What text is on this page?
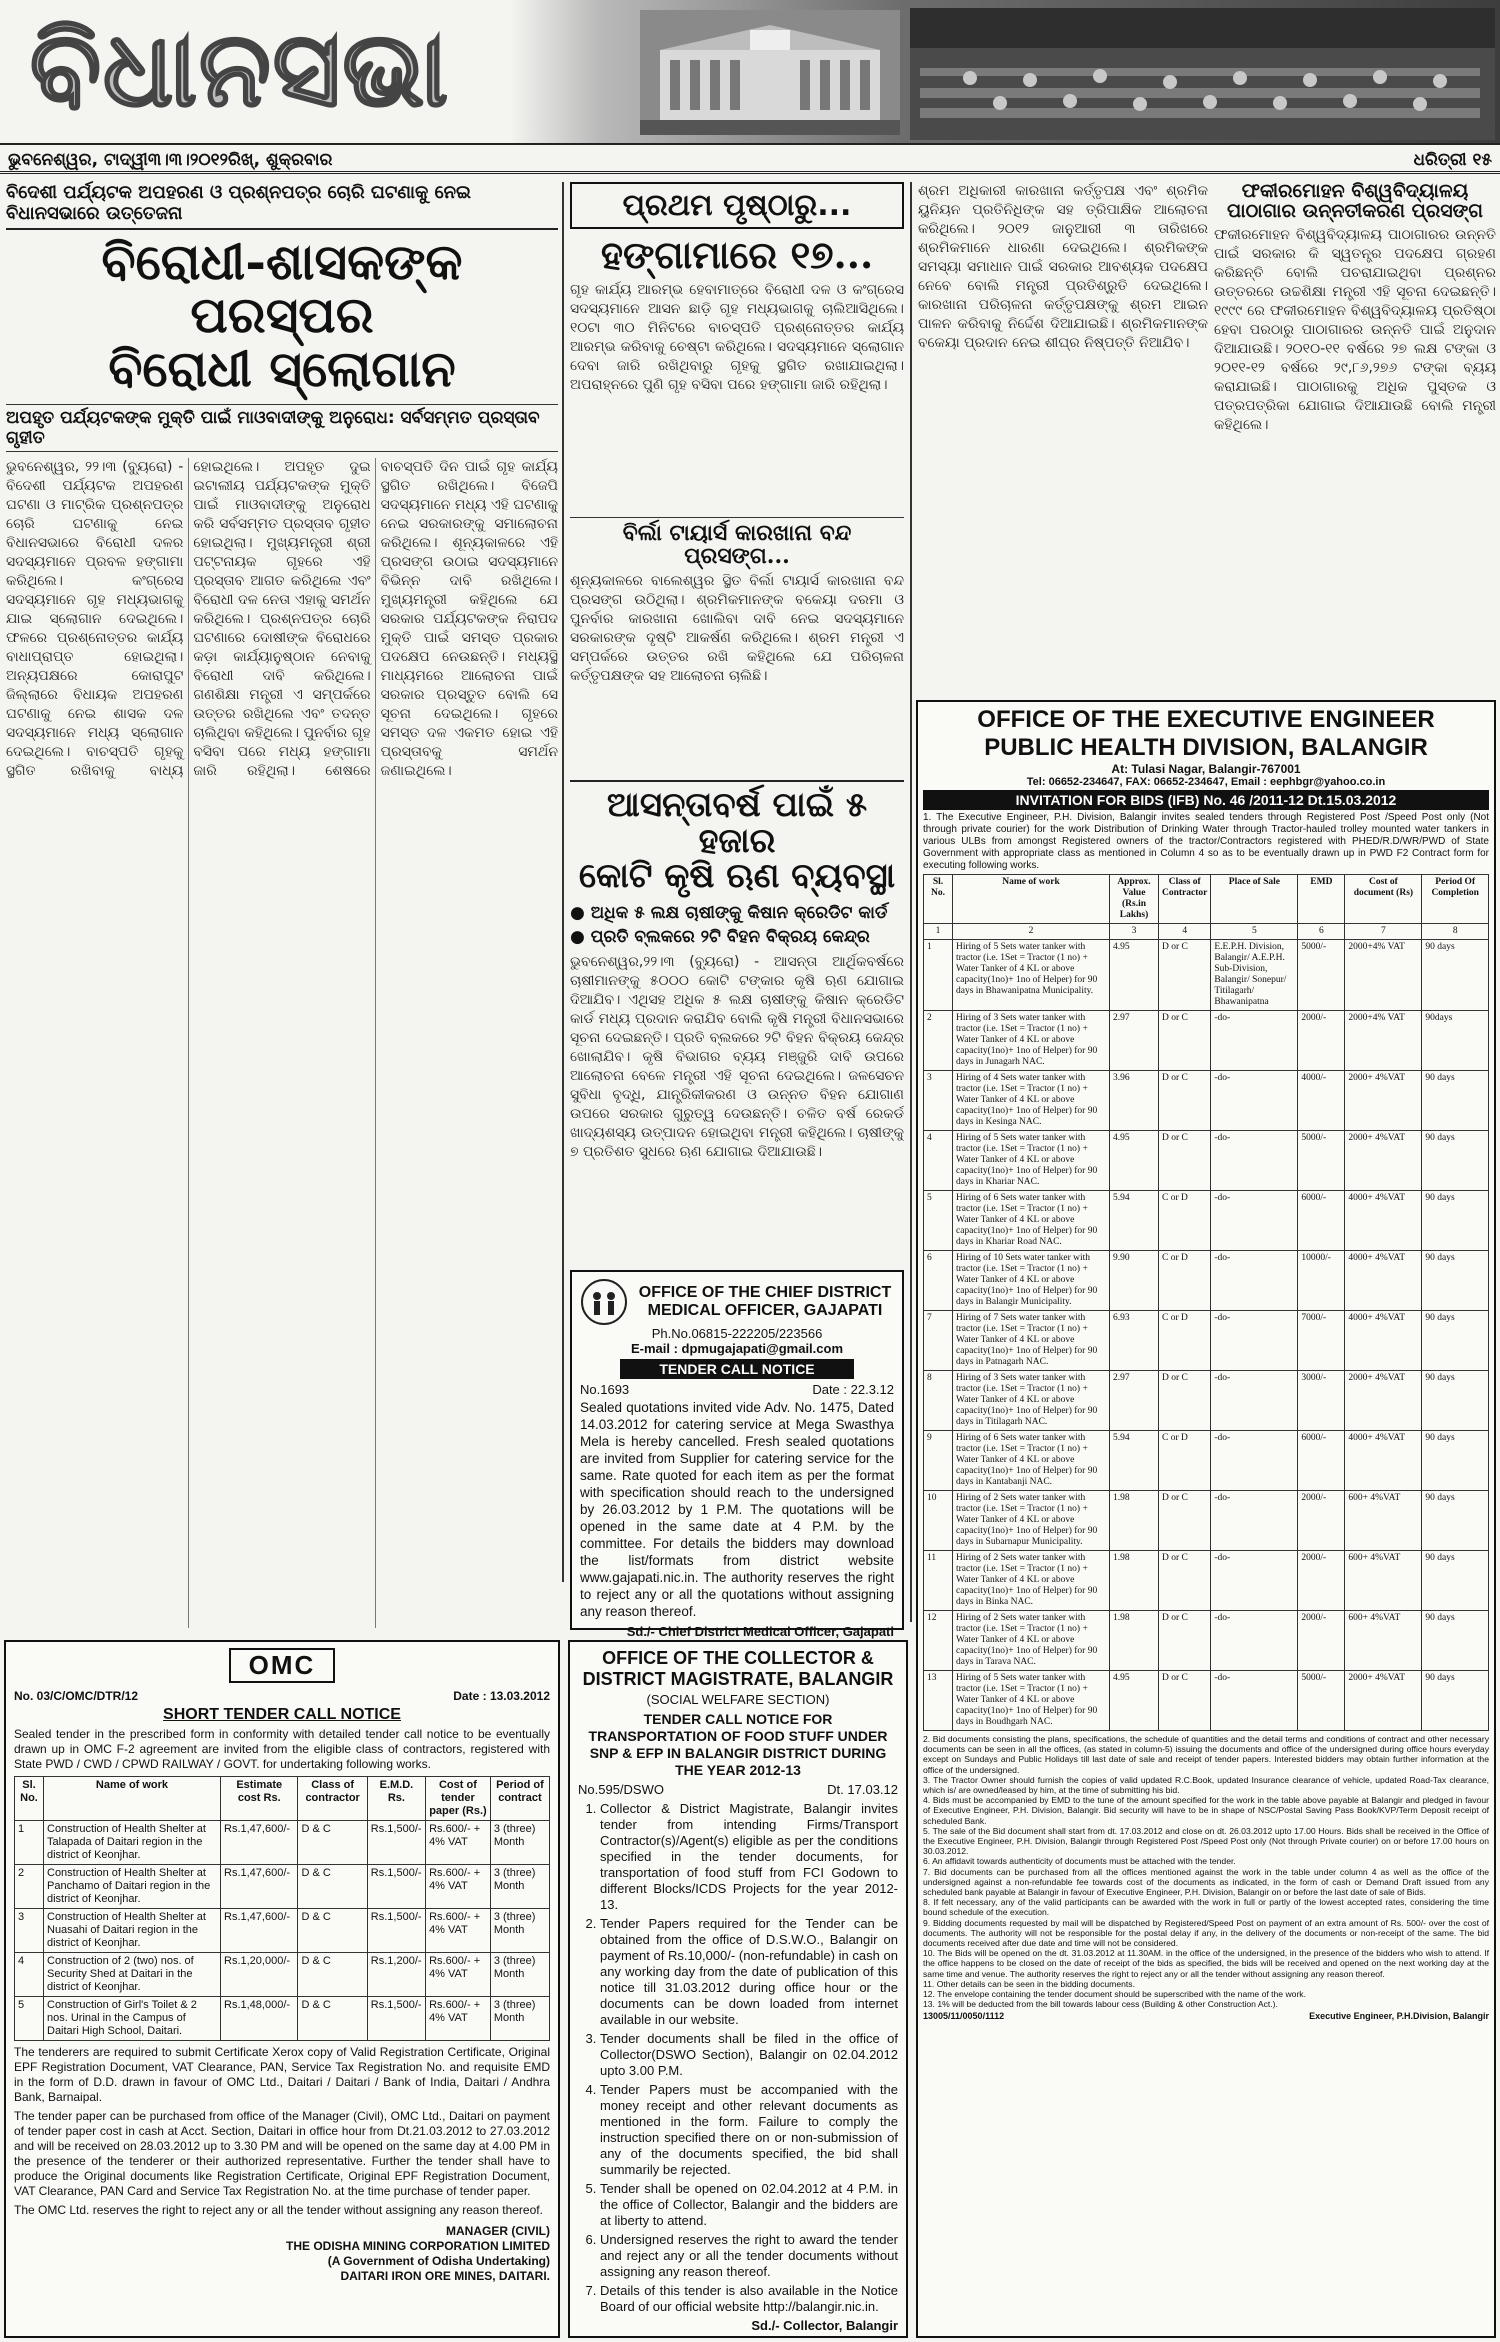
ବିଧାନସଭା
ଭୁବନେଶ୍ୱର, ଟାଦ୍ୱୀ୩।୩।୨୦୧୨ରିଖ୍, ଶୁକ୍ରବାର	ଧରିତ୍ରୀ ୧୫
ବିଦେଶୀ ପର୍ଯ୍ୟଟକ ଅପହରଣ ଓ ପ୍ରଶ୍ନପତ୍ର ଚୋରି ଘଟଣାକୁ ନେଇ ବିଧାନସଭାରେ ଉତ୍ତେଜନା
ବିରୋଧୀ-ଶାସକଙ୍କ ପରସ୍ପର
ବିରୋଧୀ ସ୍ଲୋଗାନ
ଅପହୃତ ପର୍ଯ୍ୟଟକଙ୍କ ମୁକ୍ତି ପାଇଁ ମାଓବାଦୀଙ୍କୁ ଅନୁରୋଧ: ସର୍ବସମ୍ମତ ପ୍ରସ୍ତାବ ଗୃହୀତ
ଭୁବନେଶ୍ୱର, ୨୨।୩ (ବ୍ୟୁରୋ) - ବିଦେଶୀ ପର୍ଯ୍ୟଟକ ଅପହରଣ ଘଟଣା ଓ ମାଟ୍ରିକ ପ୍ରଶ୍ନପତ୍ର ଚୋରି ଘଟଣାକୁ ନେଇ ବିଧାନସଭାରେ ବିରୋଧୀ ଦଳର ସଦସ୍ୟମାନେ ପ୍ରବଳ ହଙ୍ଗାମା କରିଥିଲେ। କଂଗ୍ରେସ ସଦସ୍ୟମାନେ ଗୃହ ମଧ୍ୟଭାଗକୁ ଯାଇ ସ୍ଲୋଗାନ ଦେଇଥିଲେ। ଫଳରେ ପ୍ରଶ୍ନୋତ୍ତର କାର୍ଯ୍ୟ ବାଧାପ୍ରାପ୍ତ ହୋଇଥିଲା। ଅନ୍ୟପକ୍ଷରେ କୋରାପୁଟ ଜିଲ୍ଲାରେ ବିଧାୟକ ଅପହରଣ ଘଟଣାକୁ ନେଇ ଶାସକ ଦଳ ସଦସ୍ୟମାନେ ମଧ୍ୟ ସ୍ଲୋଗାନ ଦେଇଥିଲେ। ବାଚସ୍ପତି ଗୃହକୁ ସ୍ଥଗିତ ରଖିବାକୁ ବାଧ୍ୟ ହୋଇଥିଲେ। ଅପହୃତ ଦୁଇ ଇଟାଲୀୟ ପର୍ଯ୍ୟଟକଙ୍କ ମୁକ୍ତି ପାଇଁ ମାଓବାଦୀଙ୍କୁ ଅନୁରୋଧ କରି ସର୍ବସମ୍ମତ ପ୍ରସ୍ତାବ ଗୃହୀତ ହୋଇଥିଲା। ମୁଖ୍ୟମନ୍ତ୍ରୀ ଶ୍ରୀ ପଟ୍ଟନାୟକ ଗୃହରେ ଏହି ପ୍ରସ୍ତାବ ଆଗତ କରିଥିଲେ ଏବଂ ବିରୋଧୀ ଦଳ ନେତା ଏହାକୁ ସମର୍ଥନ କରିଥିଲେ। ପ୍ରଶ୍ନପତ୍ର ଚୋରି ଘଟଣାରେ ଦୋଷୀଙ୍କ ବିରୋଧରେ କଡ଼ା କାର୍ଯ୍ୟାନୁଷ୍ଠାନ ନେବାକୁ ବିରୋଧୀ ଦାବି କରିଥିଲେ। ଗଣଶିକ୍ଷା ମନ୍ତ୍ରୀ ଏ ସମ୍ପର୍କରେ ଉତ୍ତର ରଖିଥିଲେ ଏବଂ ତଦନ୍ତ ଚାଲିଥିବା କହିଥିଲେ। ପୁନର୍ବାର ଗୃହ ବସିବା ପରେ ମଧ୍ୟ ହଙ୍ଗାମା ଜାରି ରହିଥିଲା। ଶେଷରେ ବାଚସ୍ପତି ଦିନ ପାଇଁ ଗୃହ କାର୍ଯ୍ୟ ସ୍ଥଗିତ ରଖିଥିଲେ। ବିଜେପି ସଦସ୍ୟମାନେ ମଧ୍ୟ ଏହି ଘଟଣାକୁ ନେଇ ସରକାରଙ୍କୁ ସମାଲୋଚନା କରିଥିଲେ। ଶୂନ୍ୟକାଳରେ ଏହି ପ୍ରସଙ୍ଗ ଉଠାଇ ସଦସ୍ୟମାନେ ବିଭିନ୍ନ ଦାବି ରଖିଥିଲେ। ମୁଖ୍ୟମନ୍ତ୍ରୀ କହିଥିଲେ ଯେ ସରକାର ପର୍ଯ୍ୟଟକଙ୍କ ନିରାପଦ ମୁକ୍ତି ପାଇଁ ସମସ୍ତ ପ୍ରକାର ପଦକ୍ଷେପ ନେଉଛନ୍ତି। ମଧ୍ୟସ୍ଥି ମାଧ୍ୟମରେ ଆଲୋଚନା ପାଇଁ ସରକାର ପ୍ରସ୍ତୁତ ବୋଲି ସେ ସୂଚନା ଦେଇଥିଲେ। ଗୃହରେ ସମସ୍ତ ଦଳ ଏକମତ ହୋଇ ଏହି ପ୍ରସ୍ତାବକୁ ସମର୍ଥନ ଜଣାଇଥିଲେ।
ପ୍ରଥମ ପୃଷ୍ଠାରୁ...
ହଙ୍ଗାମାରେ ୧୭...
ଗୃହ କାର୍ଯ୍ୟ ଆରମ୍ଭ ହେବାମାତ୍ରେ ବିରୋଧୀ ଦଳ ଓ କଂଗ୍ରେସ ସଦସ୍ୟମାନେ ଆସନ ଛାଡ଼ି ଗୃହ ମଧ୍ୟଭାଗକୁ ଚାଲିଆସିଥିଲେ। ୧୦ଟା ୩୦ ମିନିଟରେ ବାଚସ୍ପତି ପ୍ରଶ୍ନୋତ୍ତର କାର୍ଯ୍ୟ ଆରମ୍ଭ କରିବାକୁ ଚେଷ୍ଟା କରିଥିଲେ। ସଦସ୍ୟମାନେ ସ୍ଲୋଗାନ ଦେବା ଜାରି ରଖିଥିବାରୁ ଗୃହକୁ ସ୍ଥଗିତ ରଖାଯାଇଥିଲା। ଅପରାହ୍ନରେ ପୁଣି ଗୃହ ବସିବା ପରେ ହଙ୍ଗାମା ଜାରି ରହିଥିଲା।
ବିର୍ଲା ଟାୟାର୍ସ କାରଖାନା ବନ୍ଦ ପ୍ରସଙ୍ଗ...
ଶୂନ୍ୟକାଳରେ ବାଲେଶ୍ୱର ସ୍ଥିତ ବିର୍ଲା ଟାୟାର୍ସ କାରଖାନା ବନ୍ଦ ପ୍ରସଙ୍ଗ ଉଠିଥିଲା। ଶ୍ରମିକମାନଙ୍କ ବକେୟା ଦରମା ଓ ପୁନର୍ବାର କାରଖାନା ଖୋଲିବା ଦାବି ନେଇ ସଦସ୍ୟମାନେ ସରକାରଙ୍କ ଦୃଷ୍ଟି ଆକର୍ଷଣ କରିଥିଲେ। ଶ୍ରମ ମନ୍ତ୍ରୀ ଏ ସମ୍ପର୍କରେ ଉତ୍ତର ରଖି କହିଥିଲେ ଯେ ପରିଚାଳନା କର୍ତ୍ତୃପକ୍ଷଙ୍କ ସହ ଆଲୋଚନା ଚାଲିଛି।
ଆସନ୍ତାବର୍ଷ ପାଇଁ ୫ ହଜାର
କୋଟି କୃଷି ଋଣ ବ୍ୟବସ୍ଥା
● ଅଧିକ ୫ ଲକ୍ଷ ଚାଷୀଙ୍କୁ କିଷାନ କ୍ରେଡିଟ କାର୍ଡ
● ପ୍ରତି ବ୍ଲକରେ ୨ଟି ବିହନ ବିକ୍ରୟ କେନ୍ଦ୍ର
ଭୁବନେଶ୍ୱର,୨୨।୩ (ବ୍ୟୁରୋ) - ଆସନ୍ତା ଆର୍ଥିକବର୍ଷରେ ଚାଷୀମାନଙ୍କୁ ୫୦୦୦ କୋଟି ଟଙ୍କାର କୃଷି ଋଣ ଯୋଗାଇ ଦିଆଯିବ। ଏଥିସହ ଅଧିକ ୫ ଲକ୍ଷ ଚାଷୀଙ୍କୁ କିଷାନ କ୍ରେଡିଟ କାର୍ଡ ମଧ୍ୟ ପ୍ରଦାନ କରାଯିବ ବୋଲି କୃଷି ମନ୍ତ୍ରୀ ବିଧାନସଭାରେ ସୂଚନା ଦେଇଛନ୍ତି। ପ୍ରତି ବ୍ଲକରେ ୨ଟି ବିହନ ବିକ୍ରୟ କେନ୍ଦ୍ର ଖୋଲାଯିବ। କୃଷି ବିଭାଗର ବ୍ୟୟ ମଞ୍ଜୁରି ଦାବି ଉପରେ ଆଲୋଚନା ବେଳେ ମନ୍ତ୍ରୀ ଏହି ସୂଚନା ଦେଇଥିଲେ। ଜଳସେଚନ ସୁବିଧା ବୃଦ୍ଧି, ଯାନ୍ତ୍ରିକୀକରଣ ଓ ଉନ୍ନତ ବିହନ ଯୋଗାଣ ଉପରେ ସରକାର ଗୁରୁତ୍ୱ ଦେଉଛନ୍ତି। ଚଳିତ ବର୍ଷ ରେକର୍ଡ ଖାଦ୍ୟଶସ୍ୟ ଉତ୍ପାଦନ ହୋଇଥିବା ମନ୍ତ୍ରୀ କହିଥିଲେ। ଚାଷୀଙ୍କୁ ୭ ପ୍ରତିଶତ ସୁଧରେ ଋଣ ଯୋଗାଇ ଦିଆଯାଉଛି।
OFFICE OF THE CHIEF DISTRICT
MEDICAL OFFICER, GAJAPATI
Ph.No.06815-222205/223566
E-mail : dpmugajapati@gmail.com
TENDER CALL NOTICE
No.1693	Date : 22.3.12
Sealed quotations invited vide Adv. No. 1475, Dated 14.03.2012 for catering service at Mega Swasthya Mela is hereby cancelled. Fresh sealed quotations are invited from Supplier for catering service for the same. Rate quoted for each item as per the format with specification should reach to the undersigned by 26.03.2012 by 1 P.M. The quotations will be opened in the same date at 4 P.M. by the committee. For details the bidders may download the list/formats from district website www.gajapati.nic.in. The authority reserves the right to reject any or all the quotations without assigning any reason thereof.
Sd./- Chief District Medical Officer, Gajapati
ଶ୍ରମ ଅଧିକାରୀ କାରଖାନା କର୍ତ୍ତୃପକ୍ଷ ଏବଂ ଶ୍ରମିକ ୟୁନିୟନ ପ୍ରତିନିଧିଙ୍କ ସହ ତ୍ରିପାକ୍ଷିକ ଆଲୋଚନା କରିଥିଲେ। ୨୦୧୨ ଜାନୁଆରୀ ୩ ତାରିଖରେ ଶ୍ରମିକମାନେ ଧାରଣା ଦେଇଥିଲେ। ଶ୍ରମିକଙ୍କ ସମସ୍ୟା ସମାଧାନ ପାଇଁ ସରକାର ଆବଶ୍ୟକ ପଦକ୍ଷେପ ନେବେ ବୋଲି ମନ୍ତ୍ରୀ ପ୍ରତିଶ୍ରୁତି ଦେଇଥିଲେ। କାରଖାନା ପରିଚାଳନା କର୍ତ୍ତୃପକ୍ଷଙ୍କୁ ଶ୍ରମ ଆଇନ ପାଳନ କରିବାକୁ ନିର୍ଦ୍ଦେଶ ଦିଆଯାଇଛି। ଶ୍ରମିକମାନଙ୍କ ବକେୟା ପ୍ରଦାନ ନେଇ ଶୀଘ୍ର ନିଷ୍ପତ୍ତି ନିଆଯିବ।
ଫକୀରମୋହନ ବିଶ୍ୱବିଦ୍ୟାଳୟ
ପାଠାଗାର ଉନ୍ନତୀକରଣ ପ୍ରସଙ୍ଗ
ଫକୀରମୋହନ ବିଶ୍ୱବିଦ୍ୟାଳୟ ପାଠାଗାରର ଉନ୍ନତି ପାଇଁ ସରକାର କି ସ୍ୱତନ୍ତ୍ର ପଦକ୍ଷେପ ଗ୍ରହଣ କରିଛନ୍ତି ବୋଲି ପଚରାଯାଇଥିବା ପ୍ରଶ୍ନର ଉତ୍ତରରେ ଉଚ୍ଚଶିକ୍ଷା ମନ୍ତ୍ରୀ ଏହି ସୂଚନା ଦେଇଛନ୍ତି। ୧୯୯୯ ରେ ଫକୀରମୋହନ ବିଶ୍ୱବିଦ୍ୟାଳୟ ପ୍ରତିଷ୍ଠା ହେବା ପରଠାରୁ ପାଠାଗାରର ଉନ୍ନତି ପାଇଁ ଅନୁଦାନ ଦିଆଯାଉଛି। ୨୦୧୦-୧୧ ବର୍ଷରେ ୨୭ ଲକ୍ଷ ଟଙ୍କା ଓ ୨୦୧୧-୧୨ ବର୍ଷରେ ୨୯,୮୬,୨୭୬ ଟଙ୍କା ବ୍ୟୟ କରାଯାଇଛି। ପାଠାଗାରକୁ ଅଧିକ ପୁସ୍ତକ ଓ ପତ୍ରପତ୍ରିକା ଯୋଗାଇ ଦିଆଯାଉଛି ବୋଲି ମନ୍ତ୍ରୀ କହିଥିଲେ।
OFFICE OF THE EXECUTIVE ENGINEER
PUBLIC HEALTH DIVISION, BALANGIR
At: Tulasi Nagar, Balangir-767001
Tel: 06652-234647, FAX: 06652-234647, Email : eephbgr@yahoo.co.in
INVITATION FOR BIDS (IFB) No. 46 /2011-12 Dt.15.03.2012
1. The Executive Engineer, P.H. Division, Balangir invites sealed tenders through Registered Post /Speed Post only (Not through private courier) for the work Distribution of Drinking Water through Tractor-hauled trolley mounted water tankers in various ULBs from amongst Registered owners of the tractor/Contractors registered with PHED/R.D/WR/PWD of State Government with appropriate class as mentioned in Column 4 so as to be eventually drawn up in PWD F2 Contract form for executing following works.
Sl. No.	Name of work	Approx. Value (Rs.in Lakhs)	Class of Contractor	Place of Sale	EMD	Cost of document (Rs)	Period Of Completion
1	2	3	4	5	6	7	8
1	Hiring of 5 Sets water tanker with tractor (i.e. 1Set = Tractor (1 no) + Water Tanker of 4 KL or above capacity(1no)+ 1no of Helper) for 90 days in Bhawanipatna Municipality.	4.95	D or C	E.E.P.H. Division, Balangir/ A.E.P.H. Sub-Division, Balangir/ Sonepur/ Titilagarh/ Bhawanipatna	5000/-	2000+4% VAT	90 days
2	Hiring of 3 Sets water tanker with tractor (i.e. 1Set = Tractor (1 no) + Water Tanker of 4 KL or above capacity(1no)+ 1no of Helper) for 90 days in Junagarh NAC.	2.97	D or C	-do-	2000/-	2000+4% VAT	90days
3	Hiring of 4 Sets water tanker with tractor (i.e. 1Set = Tractor (1 no) + Water Tanker of 4 KL or above capacity(1no)+ 1no of Helper) for 90 days in Kesinga NAC.	3.96	D or C	-do-	4000/-	2000+ 4%VAT	90 days
4	Hiring of 5 Sets water tanker with tractor (i.e. 1Set = Tractor (1 no) + Water Tanker of 4 KL or above capacity(1no)+ 1no of Helper) for 90 days in Khariar NAC.	4.95	D or C	-do-	5000/-	2000+ 4%VAT	90 days
5	Hiring of 6 Sets water tanker with tractor (i.e. 1Set = Tractor (1 no) + Water Tanker of 4 KL or above capacity(1no)+ 1no of Helper) for 90 days in Khariar Road NAC.	5.94	C or D	-do-	6000/-	4000+ 4%VAT	90 days
6	Hiring of 10 Sets water tanker with tractor (i.e. 1Set = Tractor (1 no) + Water Tanker of 4 KL or above capacity(1no)+ 1no of Helper) for 90 days in Balangir Municipality.	9.90	C or D	-do-	10000/-	4000+ 4%VAT	90 days
7	Hiring of 7 Sets water tanker with tractor (i.e. 1Set = Tractor (1 no) + Water Tanker of 4 KL or above capacity(1no)+ 1no of Helper) for 90 days in Patnagarh NAC.	6.93	C or D	-do-	7000/-	4000+ 4%VAT	90 days
8	Hiring of 3 Sets water tanker with tractor (i.e. 1Set = Tractor (1 no) + Water Tanker of 4 KL or above capacity(1no)+ 1no of Helper) for 90 days in Titilagarh NAC.	2.97	D or C	-do-	3000/-	2000+ 4%VAT	90 days
9	Hiring of 6 Sets water tanker with tractor (i.e. 1Set = Tractor (1 no) + Water Tanker of 4 KL or above capacity(1no)+ 1no of Helper) for 90 days in Kantabanji NAC.	5.94	C or D	-do-	6000/-	4000+ 4%VAT	90 days
10	Hiring of 2 Sets water tanker with tractor (i.e. 1Set = Tractor (1 no) + Water Tanker of 4 KL or above capacity(1no)+ 1no of Helper) for 90 days in Subarnapur Municipality.	1.98	D or C	-do-	2000/-	600+ 4%VAT	90 days
11	Hiring of 2 Sets water tanker with tractor (i.e. 1Set = Tractor (1 no) + Water Tanker of 4 KL or above capacity(1no)+ 1no of Helper) for 90 days in Binka NAC.	1.98	D or C	-do-	2000/-	600+ 4%VAT	90 days
12	Hiring of 2 Sets water tanker with tractor (i.e. 1Set = Tractor (1 no) + Water Tanker of 4 KL or above capacity(1no)+ 1no of Helper) for 90 days in Tarava NAC.	1.98	D or C	-do-	2000/-	600+ 4%VAT	90 days
13	Hiring of 5 Sets water tanker with tractor (i.e. 1Set = Tractor (1 no) + Water Tanker of 4 KL or above capacity(1no)+ 1no of Helper) for 90 days in Boudhgarh NAC.	4.95	D or C	-do-	5000/-	2000+ 4%VAT	90 days
2. Bid documents consisting the plans, specifications, the schedule of quantities and the detail terms and conditions of contract and other necessary documents can be seen in all the offices, (as stated in column-5) issuing the documents and office of the undersigned during office hours everyday except on Sundays and Public Holidays till last date of sale and receipt of tender papers. Interested bidders may obtain further information at the office of the undersigned.
3. The Tractor Owner should furnish the copies of valid updated R.C.Book, updated Insurance clearance of vehicle, updated Road-Tax clearance, which is/ are owned/leased by him, at the time of submitting his bid.
4. Bids must be accompanied by EMD to the tune of the amount specified for the work in the table above payable at Balangir and pledged in favour of Executive Engineer, P.H. Division, Balangir. Bid security will have to be in shape of NSC/Postal Saving Pass Book/KVP/Term Deposit receipt of scheduled Bank.
5. The sale of the Bid document shall start from dt. 17.03.2012 and close on dt. 26.03.2012 upto 17.00 Hours. Bids shall be received in the Office of the Executive Engineer, P.H. Division, Balangir through Registered Post /Speed Post only (Not through Private courier) on or before 17.00 hours on 30.03.2012.
6. An affidavit towards authenticity of documents must be attached with the tender.
7. Bid documents can be purchased from all the offices mentioned against the work in the table under column 4 as well as the office of the undersigned against a non-refundable fee towards cost of the documents as indicated, in the form of cash or Demand Draft issued from any scheduled bank payable at Balangir in favour of Executive Engineer, P.H. Division, Balangir on or before the last date of sale of Bids.
8. If felt necessary, any of the valid participants can be awarded with the work in full or partly of the lowest accepted rates, considering the time bound schedule of the execution.
9. Bidding documents requested by mail will be dispatched by Registered/Speed Post on payment of an extra amount of Rs. 500/- over the cost of documents. The authority will not be responsible for the postal delay if any, in the delivery of the documents or non-receipt of the same. The bid documents received after due date and time will not be considered.
10. The Bids will be opened on the dt. 31.03.2012 at 11.30AM. in the office of the undersigned, in the presence of the bidders who wish to attend. If the office happens to be closed on the date of receipt of the bids as specified, the bids will be received and opened on the next working day at the same time and venue. The authority reserves the right to reject any or all the tender without assigning any reason thereof.
11. Other details can be seen in the bidding documents.
12. The envelope containing the tender document should be superscribed with the name of the work.
13. 1% will be deducted from the bill towards labour cess (Building & other Construction Act.).
13005/11/0050/1112	Executive Engineer, P.H.Division, Balangir
OMC
No. 03/C/OMC/DTR/12	Date : 13.03.2012
SHORT TENDER CALL NOTICE
Sealed tender in the prescribed form in conformity with detailed tender call notice to be eventually drawn up in OMC F-2 agreement are invited from the eligible class of contractors, registered with State PWD / CWD / CPWD RAILWAY / GOVT. for undertaking following works.
Sl. No.	Name of work	Estimate cost Rs.	Class of contractor	E.M.D. Rs.	Cost of tender paper (Rs.)	Period of contract
1	Construction of Health Shelter at Talapada of Daitari region in the district of Keonjhar.	Rs.1,47,600/-	D & C	Rs.1,500/-	Rs.600/- + 4% VAT	3 (three) Month
2	Construction of Health Shelter at Panchamo of Daitari region in the district of Keonjhar.	Rs.1,47,600/-	D & C	Rs.1,500/-	Rs.600/- + 4% VAT	3 (three) Month
3	Construction of Health Shelter at Nuasahi of Daitari region in the district of Keonjhar.	Rs.1,47,600/-	D & C	Rs.1,500/-	Rs.600/- + 4% VAT	3 (three) Month
4	Construction of 2 (two) nos. of Security Shed at Daitari in the district of Keonjhar.	Rs.1,20,000/-	D & C	Rs.1,200/-	Rs.600/- + 4% VAT	3 (three) Month
5	Construction of Girl's Toilet & 2 nos. Urinal in the Campus of Daitari High School, Daitari.	Rs.1,48,000/-	D & C	Rs.1,500/-	Rs.600/- + 4% VAT	3 (three) Month
The tenderers are required to submit Certificate Xerox copy of Valid Registration Certificate, Original EPF Registration Document, VAT Clearance, PAN, Service Tax Registration No. and requisite EMD in the form of D.D. drawn in favour of OMC Ltd., Daitari / Daitari / Bank of India, Daitari / Andhra Bank, Barnaipal.
The tender paper can be purchased from office of the Manager (Civil), OMC Ltd., Daitari on payment of tender paper cost in cash at Acct. Section, Daitari in office hour from Dt.21.03.2012 to 27.03.2012 and will be received on 28.03.2012 up to 3.30 PM and will be opened on the same day at 4.00 PM in the presence of the tenderer or their authorized representative. Further the tender shall have to produce the Original documents like Registration Certificate, Original EPF Registration Document, VAT Clearance, PAN Card and Service Tax Registration No. at the time purchase of tender paper.
The OMC Ltd. reserves the right to reject any or all the tender without assigning any reason thereof.
MANAGER (CIVIL)
THE ODISHA MINING CORPORATION LIMITED
(A Government of Odisha Undertaking)
DAITARI IRON ORE MINES, DAITARI.
OFFICE OF THE COLLECTOR &
DISTRICT MAGISTRATE, BALANGIR
(SOCIAL WELFARE SECTION)
TENDER CALL NOTICE FOR TRANSPORTATION OF FOOD STUFF UNDER SNP & EFP IN BALANGIR DISTRICT DURING THE YEAR 2012-13
No.595/DSWO	Dt. 17.03.12
1. Collector & District Magistrate, Balangir invites tender from intending Firms/Transport Contractor(s)/Agent(s) eligible as per the conditions specified in the tender documents, for transportation of food stuff from FCI Godown to different Blocks/ICDS Projects for the year 2012-13.
2. Tender Papers required for the Tender can be obtained from the office of D.S.W.O., Balangir on payment of Rs.10,000/- (non-refundable) in cash on any working day from the date of publication of this notice till 31.03.2012 during office hour or the documents can be down loaded from internet available in our website.
3. Tender documents shall be filed in the office of Collector(DSWO Section), Balangir on 02.04.2012 upto 3.00 P.M.
4. Tender Papers must be accompanied with the money receipt and other relevant documents as mentioned in the form. Failure to comply the instruction specified there on or non-submission of any of the documents specified, the bid shall summarily be rejected.
5. Tender shall be opened on 02.04.2012 at 4 P.M. in the office of Collector, Balangir and the bidders are at liberty to attend.
6. Undersigned reserves the right to award the tender and reject any or all the tender documents without assigning any reason thereof.
7. Details of this tender is also available in the Notice Board of our official website http://balangir.nic.in.
Sd./- Collector, Balangir
